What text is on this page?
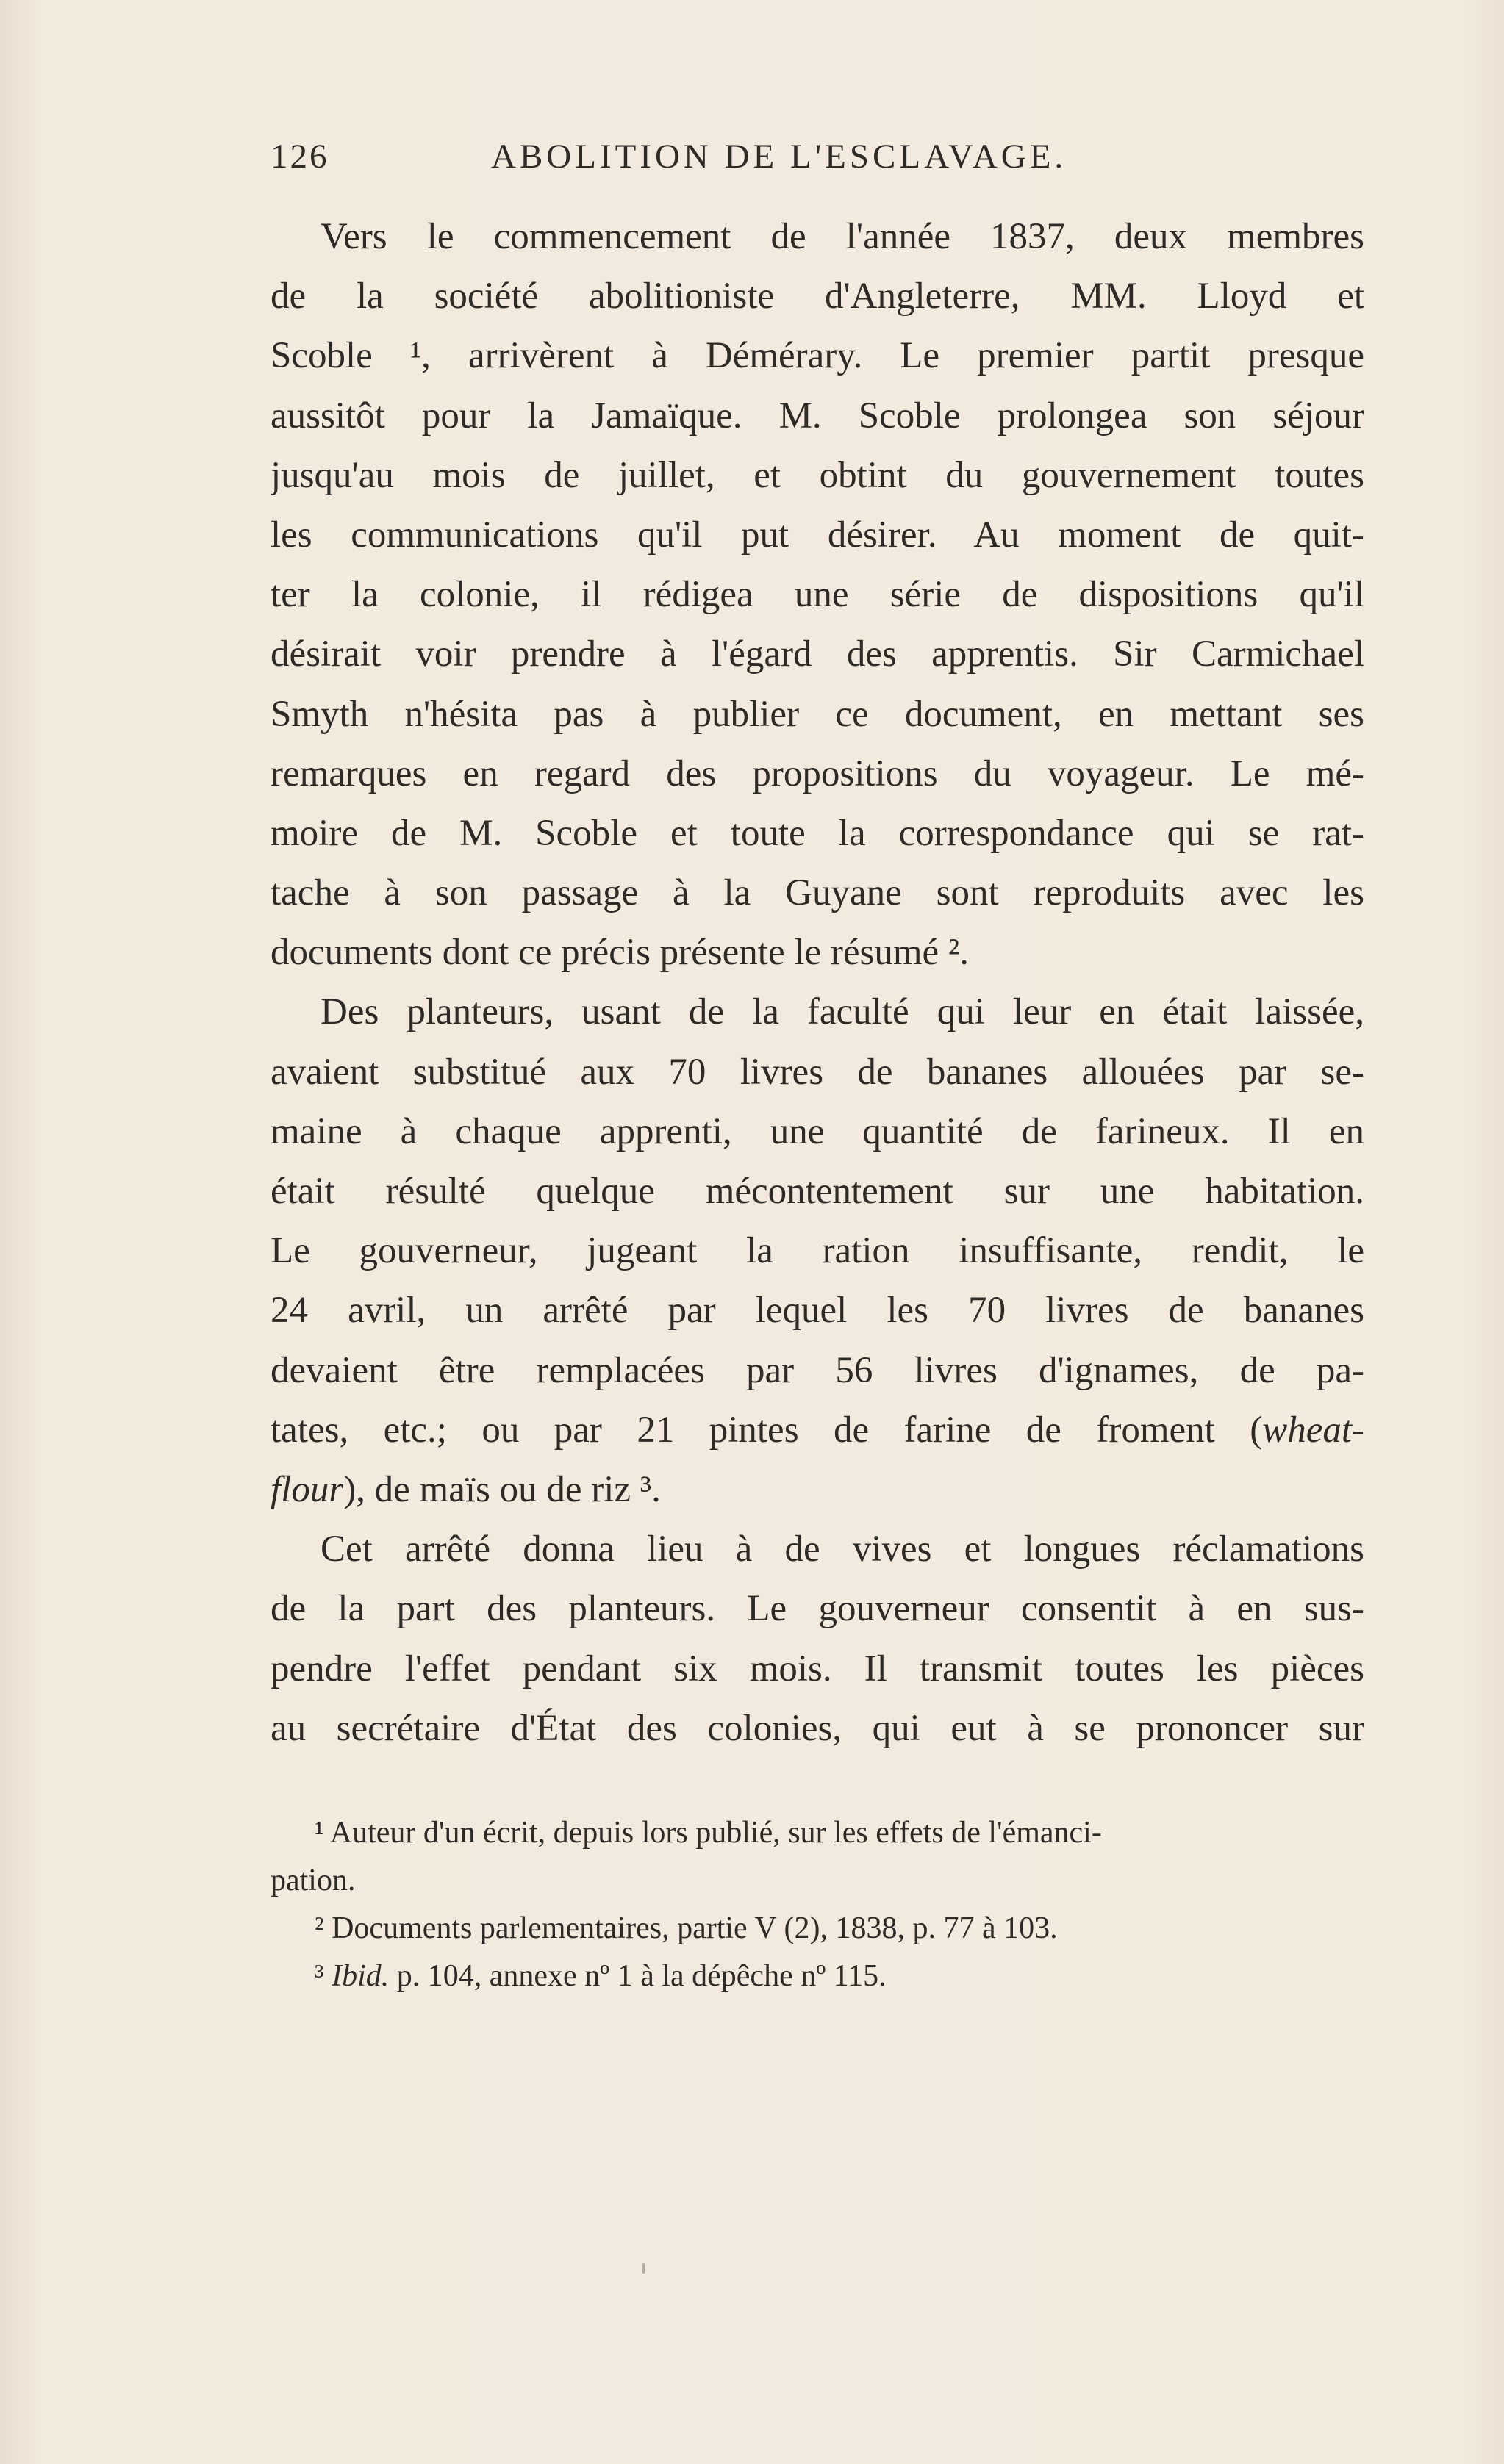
126	ABOLITION DE L'ESCLAVAGE.
Vers le commencement de l'année 1837, deux membres
de la société abolitioniste d'Angleterre, MM. Lloyd et
Scoble ¹, arrivèrent à Démérary. Le premier partit presque
aussitôt pour la Jamaïque. M. Scoble prolongea son séjour
jusqu'au mois de juillet, et obtint du gouvernement toutes
les communications qu'il put désirer. Au moment de quit-
ter la colonie, il rédigea une série de dispositions qu'il
désirait voir prendre à l'égard des apprentis. Sir Carmichael
Smyth n'hésita pas à publier ce document, en mettant ses
remarques en regard des propositions du voyageur. Le mé-
moire de M. Scoble et toute la correspondance qui se rat-
tache à son passage à la Guyane sont reproduits avec les
documents dont ce précis présente le résumé ².
Des planteurs, usant de la faculté qui leur en était laissée,
avaient substitué aux 70 livres de bananes allouées par se-
maine à chaque apprenti, une quantité de farineux. Il en
était résulté quelque mécontentement sur une habitation.
Le gouverneur, jugeant la ration insuffisante, rendit, le
24 avril, un arrêté par lequel les 70 livres de bananes
devaient être remplacées par 56 livres d'ignames, de pa-
tates, etc.; ou par 21 pintes de farine de froment (wheat-
flour), de maïs ou de riz ³.
Cet arrêté donna lieu à de vives et longues réclamations
de la part des planteurs. Le gouverneur consentit à en sus-
pendre l'effet pendant six mois. Il transmit toutes les pièces
au secrétaire d'État des colonies, qui eut à se prononcer sur
¹ Auteur d'un écrit, depuis lors publié, sur les effets de l'émanci-
pation.
² Documents parlementaires, partie V (2), 1838, p. 77 à 103.
³ Ibid. p. 104, annexe nº 1 à la dépêche nº 115.
